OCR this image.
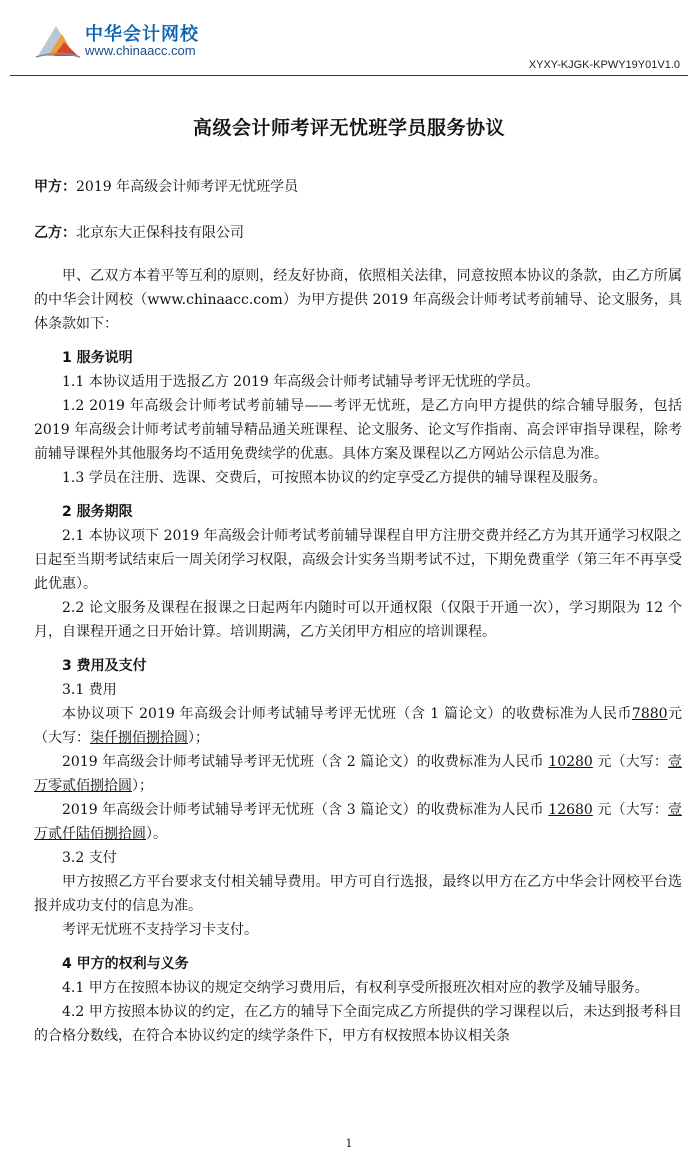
中华会计网校
www.chinaacc.com
XYXY-KJGK-KPWY19Y01V1.0
高级会计师考评无忧班学员服务协议
甲方：2019 年高级会计师考评无忧班学员
乙方：北京东大正保科技有限公司

甲、乙双方本着平等互利的原则，经友好协商，依照相关法律，同意按照本协议的条款，由乙方所属的中华会计网校（www.chinaacc.com）为甲方提供 2019 年高级会计师考试考前辅导、论文服务，具体条款如下：

1 服务说明

1.1 本协议适用于选报乙方 2019 年高级会计师考试辅导考评无忧班的学员。

1.2 2019 年高级会计师考试考前辅导——考评无忧班，是乙方向甲方提供的综合辅导服务，包括 2019 年高级会计师考试考前辅导精品通关班课程、论文服务、论文写作指南、高会评审指导课程，除考前辅导课程外其他服务均不适用免费续学的优惠。具体方案及课程以乙方网站公示信息为准。

1.3 学员在注册、选课、交费后，可按照本协议的约定享受乙方提供的辅导课程及服务。

2 服务期限

2.1 本协议项下 2019 年高级会计师考试考前辅导课程自甲方注册交费并经乙方为其开通学习权限之日起至当期考试结束后一周关闭学习权限，高级会计实务当期考试不过，下期免费重学（第三年不再享受此优惠）。

2.2 论文服务及课程在报课之日起两年内随时可以开通权限（仅限于开通一次），学习期限为 12 个月，自课程开通之日开始计算。培训期满，乙方关闭甲方相应的培训课程。

3 费用及支付

3.1 费用

本协议项下 2019 年高级会计师考试辅导考评无忧班（含 1 篇论文）的收费标准为人民币7880元（大写：柒仟捌佰捌拾圆）；

2019 年高级会计师考试辅导考评无忧班（含 2 篇论文）的收费标准为人民币 10280 元（大写：壹万零贰佰捌拾圆）；

2019 年高级会计师考试辅导考评无忧班（含 3 篇论文）的收费标准为人民币 12680 元（大写：壹万贰仟陆佰捌拾圆）。

3.2 支付

甲方按照乙方平台要求支付相关辅导费用。甲方可自行选报，最终以甲方在乙方中华会计网校平台选报并成功支付的信息为准。

考评无忧班不支持学习卡支付。

4 甲方的权利与义务

4.1 甲方在按照本协议的规定交纳学习费用后，有权利享受所报班次相对应的教学及辅导服务。

4.2 甲方按照本协议的约定，在乙方的辅导下全面完成乙方所提供的学习课程以后，未达到报考科目的合格分数线，在符合本协议约定的续学条件下，甲方有权按照本协议相关条

1
